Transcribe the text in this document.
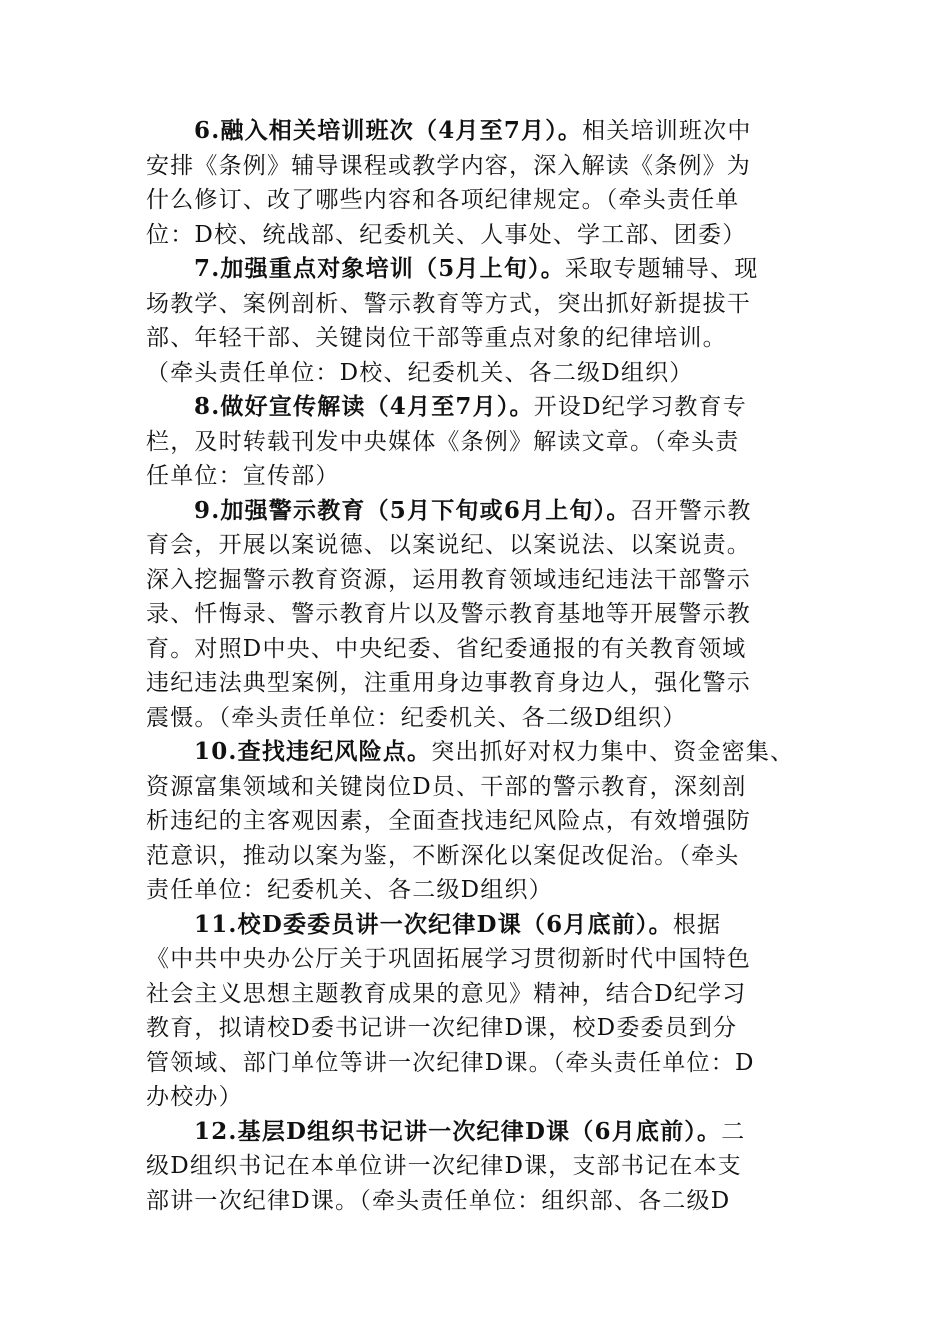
6.融入相关培训班次（4月至7月）。相关培训班次中
安排《条例》辅导课程或教学内容，深入解读《条例》为
什么修订、改了哪些内容和各项纪律规定。（牵头责任单
位：D校、统战部、纪委机关、人事处、学工部、团委）
7.加强重点对象培训（5月上旬）。采取专题辅导、现
场教学、案例剖析、警示教育等方式，突出抓好新提拔干
部、年轻干部、关键岗位干部等重点对象的纪律培训。
（牵头责任单位：D校、纪委机关、各二级D组织）
8.做好宣传解读（4月至7月）。开设D纪学习教育专
栏，及时转载刊发中央媒体《条例》解读文章。（牵头责
任单位：宣传部）
9.加强警示教育（5月下旬或6月上旬）。召开警示教
育会，开展以案说德、以案说纪、以案说法、以案说责。
深入挖掘警示教育资源，运用教育领域违纪违法干部警示
录、忏悔录、警示教育片以及警示教育基地等开展警示教
育。对照D中央、中央纪委、省纪委通报的有关教育领域
违纪违法典型案例，注重用身边事教育身边人，强化警示
震慑。（牵头责任单位：纪委机关、各二级D组织）
10.查找违纪风险点。突出抓好对权力集中、资金密集、
资源富集领域和关键岗位D员、干部的警示教育，深刻剖
析违纪的主客观因素，全面查找违纪风险点，有效增强防
范意识，推动以案为鉴，不断深化以案促改促治。（牵头
责任单位：纪委机关、各二级D组织）
11.校D委委员讲一次纪律D课（6月底前）。根据
《中共中央办公厅关于巩固拓展学习贯彻新时代中国特色
社会主义思想主题教育成果的意见》精神，结合D纪学习
教育，拟请校D委书记讲一次纪律D课，校D委委员到分
管领域、部门单位等讲一次纪律D课。（牵头责任单位：D
办校办）
12.基层D组织书记讲一次纪律D课（6月底前）。二
级D组织书记在本单位讲一次纪律D课，支部书记在本支
部讲一次纪律D课。（牵头责任单位：组织部、各二级D
